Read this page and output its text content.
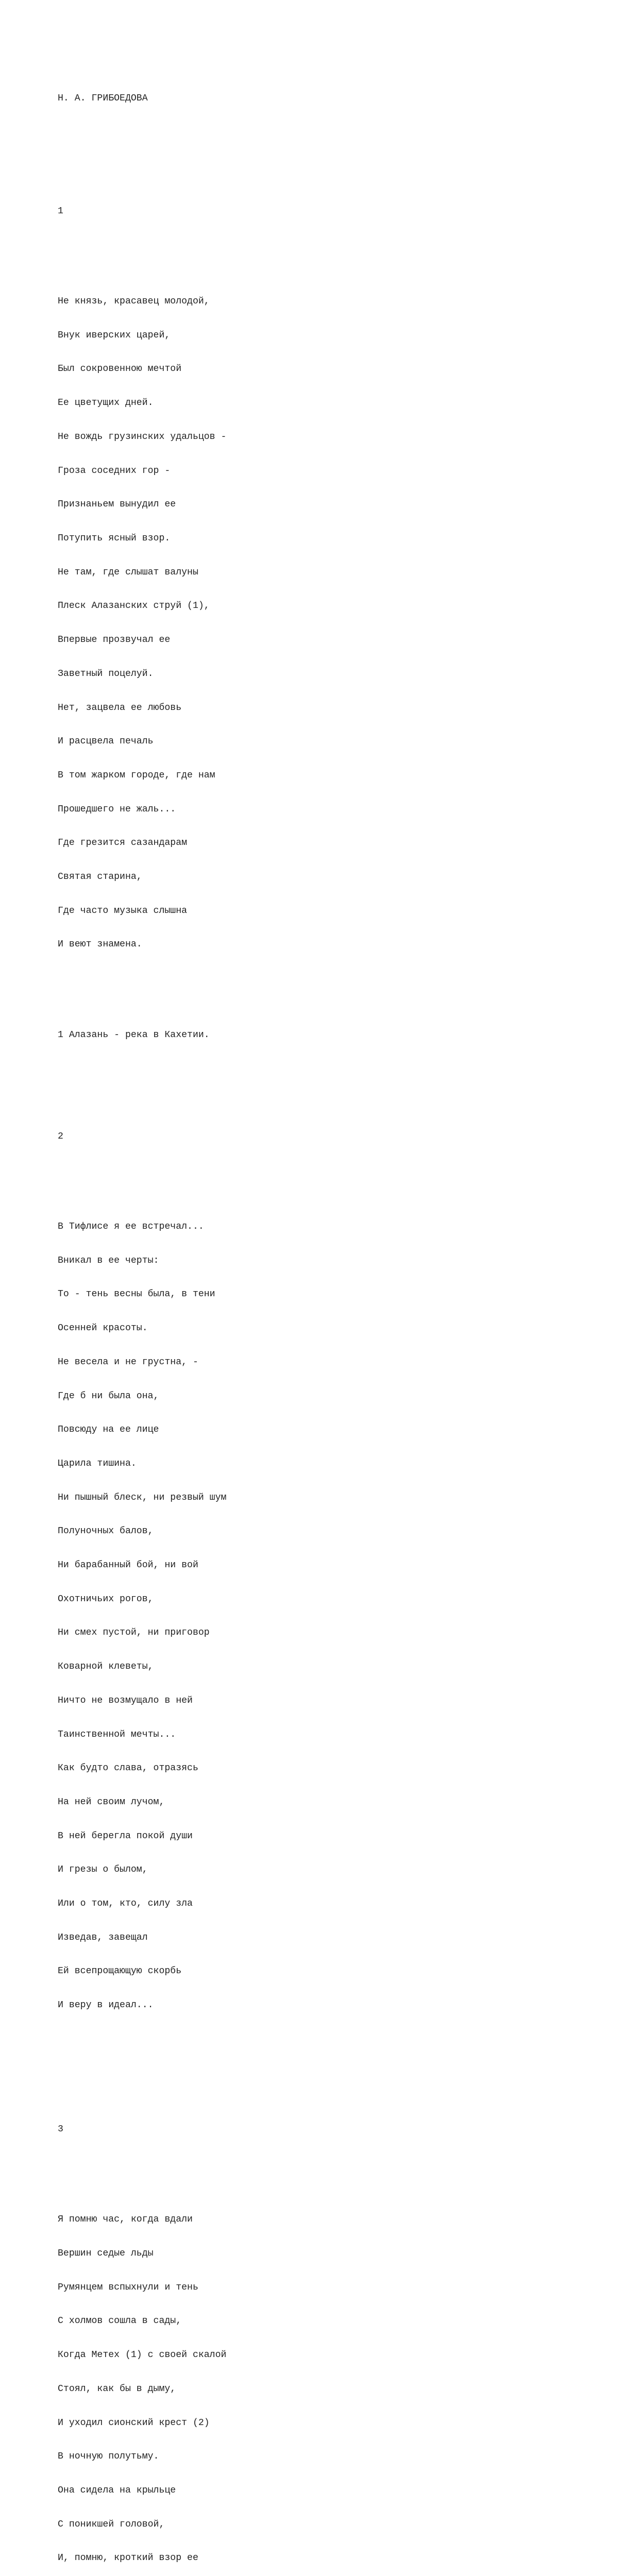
Н. А. ГРИБОЕДОВА

1

Не князь, красавец молодой,

Внук иверских царей,

Был сокровенною мечтой

Ее цветущих дней.

Не вождь грузинских удальцов -

Гроза соседних гор -

Признаньем вынудил ее

Потупить ясный взор.

Не там, где слышат валуны

Плеск Алазанских струй (1),

Впервые прозвучал ее

Заветный поцелуй.

Нет, зацвела ее любовь

И расцвела печаль

В том жарком городе, где нам

Прошедшего не жаль...

Где грезится сазандарам

Святая старина,

Где часто музыка слышна

И веют знамена.

1 Алазань - река в Кахетии.

2

В Тифлисе я ее встречал...

Вникал в ее черты:

То - тень весны была, в тени

Осенней красоты.

Не весела и не грустна, -

Где б ни была она,

Повсюду на ее лице

Царила тишина.

Ни пышный блеск, ни резвый шум

Полуночных балов,

Ни барабанный бой, ни вой

Охотничьих рогов,

Ни смех пустой, ни приговор

Коварной клеветы,

Ничто не возмущало в ней

Таинственной мечты...

Как будто слава, отразясь

На ней своим лучом,

В ней берегла покой души

И грезы о былом,

Или о том, кто, силу зла

Изведав, завещал

Ей всепрощающую скорбь

И веру в идеал...

3

Я помню час, когда вдали

Вершин седые льды

Румянцем вспыхнули и тень

С холмов сошла в сады,

Когда Метех (1) с своей скалой

Стоял, как бы в дыму,

И уходил сионский крест (2)

В ночную полутьму.

Она сидела на крыльце

С поникшей головой,

И, помню, кроткий взор ее
